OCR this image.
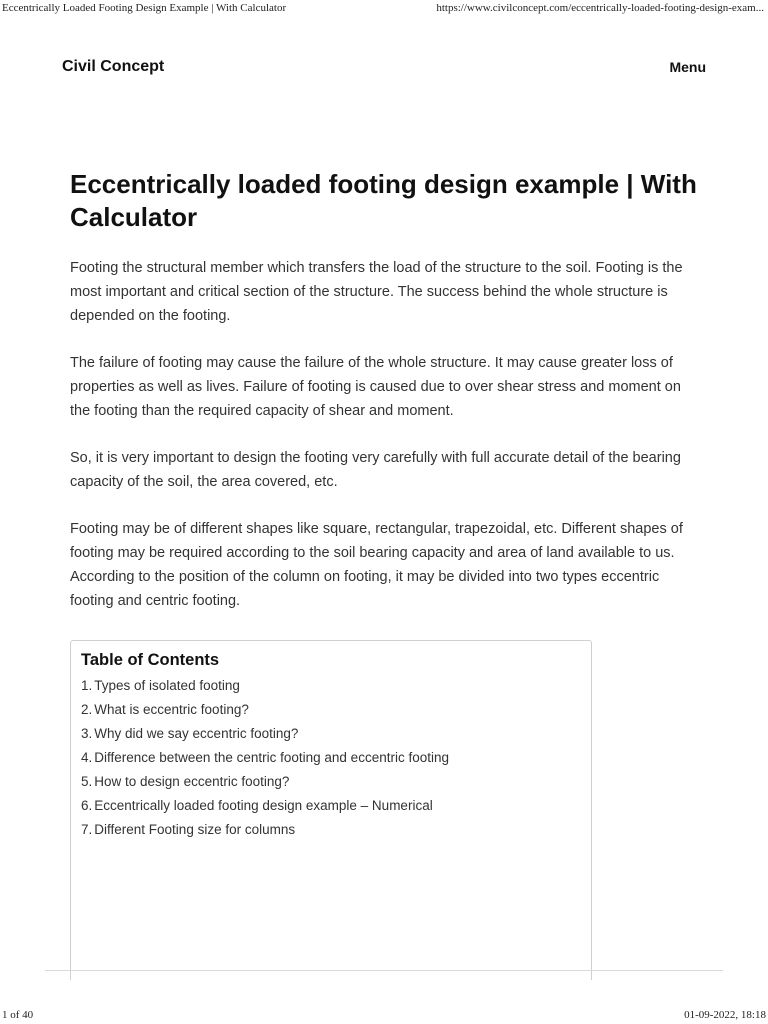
Eccentrically Loaded Footing Design Example | With Calculator	https://www.civilconcept.com/eccentrically-loaded-footing-design-exam...
Civil Concept	Menu
Eccentrically loaded footing design example | With Calculator

Footing the structural member which transfers the load of the structure to the soil. Footing is the most important and critical section of the structure. The success behind the whole structure is depended on the footing.

The failure of footing may cause the failure of the whole structure. It may cause greater loss of properties as well as lives. Failure of footing is caused due to over shear stress and moment on the footing than the required capacity of shear and moment.

So, it is very important to design the footing very carefully with full accurate detail of the bearing capacity of the soil, the area covered, etc.

Footing may be of different shapes like square, rectangular, trapezoidal, etc. Different shapes of footing may be required according to the soil bearing capacity and area of land available to us. According to the position of the column on footing, it may be divided into two types eccentric footing and centric footing.

Table of Contents
1. Types of isolated footing
2. What is eccentric footing?
3. Why did we say eccentric footing?
4. Difference between the centric footing and eccentric footing
5. How to design eccentric footing?
6. Eccentrically loaded footing design example – Numerical
7. Different Footing size for columns
1 of 40	01-09-2022, 18:18
